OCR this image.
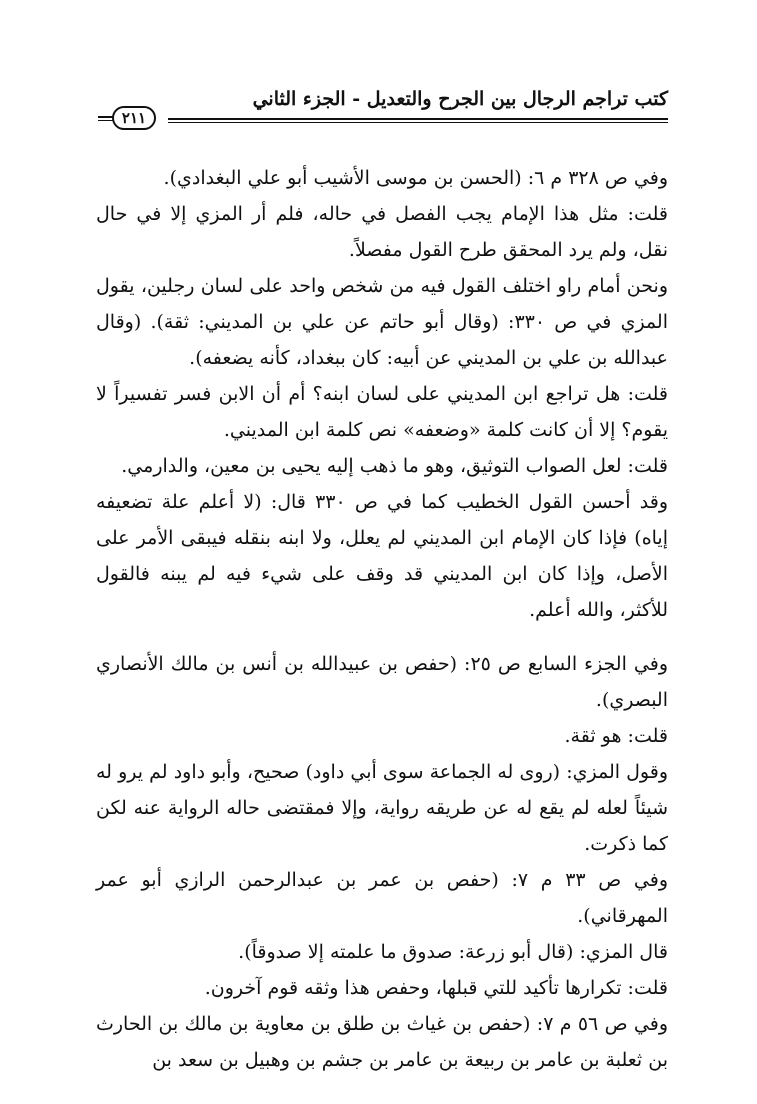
كتب تراجم الرجال بين الجرح والتعديل - الجزء الثاني
٢١١

وفي ص ٣٢٨ م ٦: (الحسن بن موسى الأشيب أبو علي البغدادي).

قلت: مثل هذا الإمام يجب الفصل في حاله، فلم أر المزي إلا في حال نقل، ولم يرد المحقق طرح القول مفصلاً.

ونحن أمام راو اختلف القول فيه من شخص واحد على لسان رجلين، يقول المزي في ص ٣٣٠: (وقال أبو حاتم عن علي بن المديني: ثقة). (وقال عبدالله بن علي بن المديني عن أبيه: كان ببغداد، كأنه يضعفه).

قلت: هل تراجع ابن المديني على لسان ابنه؟ أم أن الابن فسر تفسيراً لا يقوم؟ إلا أن كانت كلمة «وضعفه» نص كلمة ابن المديني.

قلت: لعل الصواب التوثيق، وهو ما ذهب إليه يحيى بن معين، والدارمي.

وقد أحسن القول الخطيب كما في ص ٣٣٠ قال: (لا أعلم علة تضعيفه إياه) فإذا كان الإمام ابن المديني لم يعلل، ولا ابنه بنقله فيبقى الأمر على الأصل، وإذا كان ابن المديني قد وقف على شيء فيه لم يبنه فالقول للأكثر، والله أعلم.

وفي الجزء السابع ص ٢٥: (حفص بن عبيدالله بن أنس بن مالك الأنصاري البصري).

قلت: هو ثقة.

وقول المزي: (روى له الجماعة سوى أبي داود) صحيح، وأبو داود لم يرو له شيئاً لعله لم يقع له عن طريقه رواية، وإلا فمقتضى حاله الرواية عنه لكن كما ذكرت.

وفي ص ٣٣ م ٧: (حفص بن عمر بن عبدالرحمن الرازي أبو عمر المهرقاني).

قال المزي: (قال أبو زرعة: صدوق ما علمته إلا صدوقاً).

قلت: تكرارها تأكيد للتي قبلها، وحفص هذا وثقه قوم آخرون.

وفي ص ٥٦ م ٧: (حفص بن غياث بن طلق بن معاوية بن مالك بن الحارث بن ثعلبة بن عامر بن ربيعة بن عامر بن جشم بن وهبيل بن سعد بن
